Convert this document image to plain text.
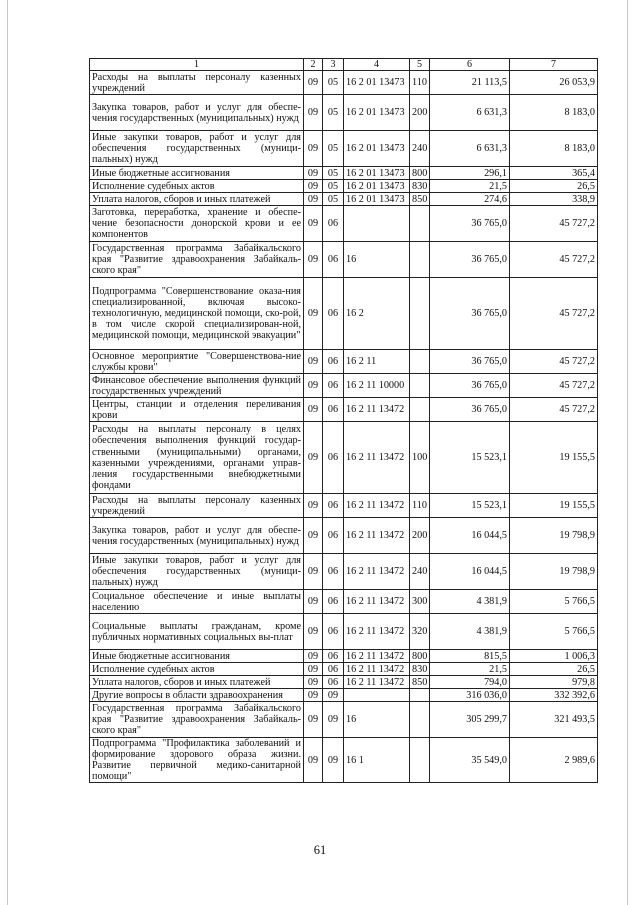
1	2	3	4	5	6	7
Расходы на выплаты персоналу казенных учреждений	09	05	16 2 01 13473	110	21 113,5	26 053,9
Закупка товаров, работ и услуг для обеспе-чения государственных (муниципальных) нужд	09	05	16 2 01 13473	200	6 631,3	8 183,0
Иные закупки товаров, работ и услуг для обеспечения государственных (муници-пальных) нужд	09	05	16 2 01 13473	240	6 631,3	8 183,0
Иные бюджетные ассигнования	09	05	16 2 01 13473	800	296,1	365,4
Исполнение судебных актов	09	05	16 2 01 13473	830	21,5	26,5
Уплата налогов, сборов и иных платежей	09	05	16 2 01 13473	850	274,6	338,9
Заготовка, переработка, хранение и обеспе-чение безопасности донорской крови и ее компонентов	09	06			36 765,0	45 727,2
Государственная программа Забайкальского края "Развитие здравоохранения Забайкаль-ского края"	09	06	16		36 765,0	45 727,2
Подпрограмма "Совершенствование оказа-ния специализированной, включая высоко-технологичную, медицинской помощи, ско-рой, в том числе скорой специализирован-ной, медицинской помощи, медицинской эвакуации"	09	06	16 2		36 765,0	45 727,2
Основное мероприятие "Совершенствова-ние службы крови"	09	06	16 2 11		36 765,0	45 727,2
Финансовое обеспечение выполнения функций государственных учреждений	09	06	16 2 11 10000		36 765,0	45 727,2
Центры, станции и отделения переливания крови	09	06	16 2 11 13472		36 765,0	45 727,2
Расходы на выплаты персоналу в целях обеспечения выполнения функций государ-ственными (муниципальными) органами, казенными учреждениями, органами управ-ления государственными внебюджетными фондами	09	06	16 2 11 13472	100	15 523,1	19 155,5
Расходы на выплаты персоналу казенных учреждений	09	06	16 2 11 13472	110	15 523,1	19 155,5
Закупка товаров, работ и услуг для обеспе-чения государственных (муниципальных) нужд	09	06	16 2 11 13472	200	16 044,5	19 798,9
Иные закупки товаров, работ и услуг для обеспечения государственных (муници-пальных) нужд	09	06	16 2 11 13472	240	16 044,5	19 798,9
Социальное обеспечение и иные выплаты населению	09	06	16 2 11 13472	300	4 381,9	5 766,5
Социальные выплаты гражданам, кроме публичных нормативных социальных вы-плат	09	06	16 2 11 13472	320	4 381,9	5 766,5
Иные бюджетные ассигнования	09	06	16 2 11 13472	800	815,5	1 006,3
Исполнение судебных актов	09	06	16 2 11 13472	830	21,5	26,5
Уплата налогов, сборов и иных платежей	09	06	16 2 11 13472	850	794,0	979,8
Другие вопросы в области здравоохранения	09	09			316 036,0	332 392,6
Государственная программа Забайкальского края "Развитие здравоохранения Забайкаль-ского края"	09	09	16		305 299,7	321 493,5
Подпрограмма "Профилактика заболеваний и формирование здорового образа жизни. Развитие первичной медико-санитарной помощи"	09	09	16 1		35 549,0	2 989,6
61
